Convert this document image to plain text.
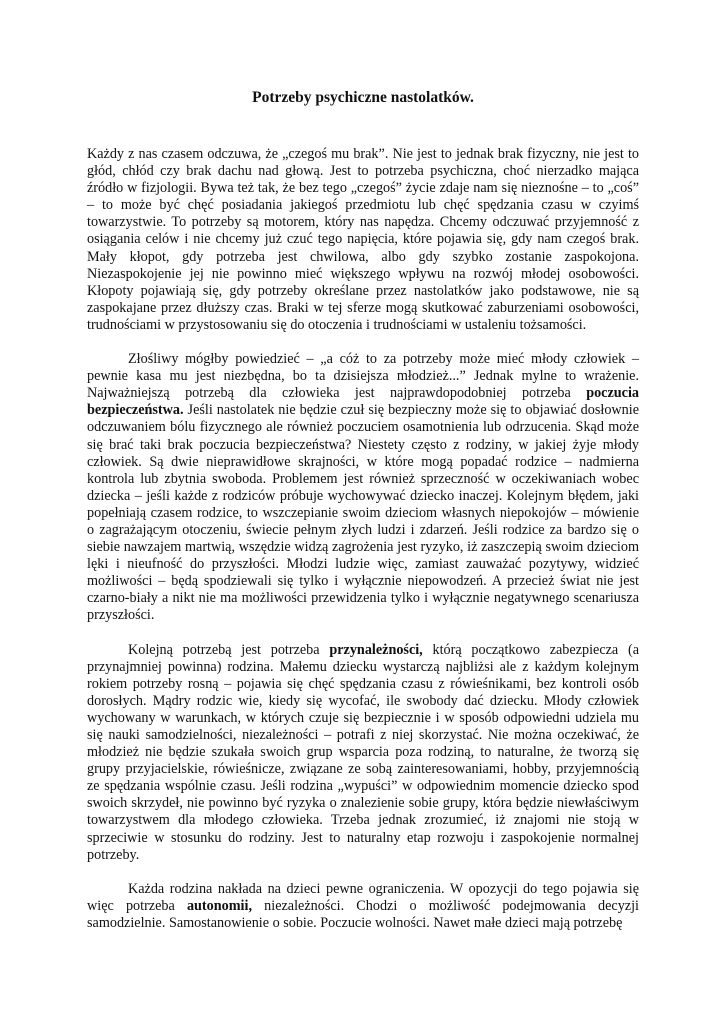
Potrzeby psychiczne nastolatków.

Każdy z nas czasem odczuwa, że „czegoś mu brak”. Nie jest to jednak brak fizyczny, nie jest to głód, chłód czy brak dachu nad głową. Jest to potrzeba psychiczna, choć nierzadko mająca źródło w fizjologii. Bywa też tak, że bez tego „czegoś” życie zdaje nam się nieznośne – to „coś” – to może być chęć posiadania jakiegoś przedmiotu lub chęć spędzania czasu w czyimś towarzystwie. To potrzeby są motorem, który nas napędza. Chcemy odczuwać przyjemność z osiągania celów i nie chcemy już czuć tego napięcia, które pojawia się, gdy nam czegoś brak. Mały kłopot, gdy potrzeba jest chwilowa, albo gdy szybko zostanie zaspokojona. Niezaspokojenie jej nie powinno mieć większego wpływu na rozwój młodej osobowości. Kłopoty pojawiają się, gdy potrzeby określane przez nastolatków jako podstawowe, nie są zaspokajane przez dłuższy czas. Braki w tej sferze mogą skutkować zaburzeniami osobowości, trudnościami w przystosowaniu się do otoczenia i trudnościami w ustaleniu tożsamości.

Złośliwy mógłby powiedzieć – „a cóż to za potrzeby może mieć młody człowiek – pewnie kasa mu jest niezbędna, bo ta dzisiejsza młodzież...” Jednak mylne to wrażenie. Najważniejszą potrzebą dla człowieka jest najprawdopodobniej potrzeba poczucia bezpieczeństwa. Jeśli nastolatek nie będzie czuł się bezpieczny może się to objawiać dosłownie odczuwaniem bólu fizycznego ale również poczuciem osamotnienia lub odrzucenia. Skąd może się brać taki brak poczucia bezpieczeństwa? Niestety często z rodziny, w jakiej żyje młody człowiek. Są dwie nieprawidłowe skrajności, w które mogą popadać rodzice – nadmierna kontrola lub zbytnia swoboda. Problemem jest również sprzeczność w oczekiwaniach wobec dziecka – jeśli każde z rodziców próbuje wychowywać dziecko inaczej. Kolejnym błędem, jaki popełniają czasem rodzice, to wszczepianie swoim dzieciom własnych niepokojów – mówienie o zagrażającym otoczeniu, świecie pełnym złych ludzi i zdarzeń. Jeśli rodzice za bardzo się o siebie nawzajem martwią, wszędzie widzą zagrożenia jest ryzyko, iż zaszczepią swoim dzieciom lęki i nieufność do przyszłości. Młodzi ludzie więc, zamiast zauważać pozytywy, widzieć możliwości – będą spodziewali się tylko i wyłącznie niepowodzeń. A przecież świat nie jest czarno-biały a nikt nie ma możliwości przewidzenia tylko i wyłącznie negatywnego scenariusza przyszłości.

Kolejną potrzebą jest potrzeba przynależności, którą początkowo zabezpiecza (a przynajmniej powinna) rodzina. Małemu dziecku wystarczą najbliżsi ale z każdym kolejnym rokiem potrzeby rosną – pojawia się chęć spędzania czasu z rówieśnikami, bez kontroli osób dorosłych. Mądry rodzic wie, kiedy się wycofać, ile swobody dać dziecku. Młody człowiek wychowany w warunkach, w których czuje się bezpiecznie i w sposób odpowiedni udziela mu się nauki samodzielności, niezależności – potrafi z niej skorzystać. Nie można oczekiwać, że młodzież nie będzie szukała swoich grup wsparcia poza rodziną, to naturalne, że tworzą się grupy przyjacielskie, rówieśnicze, związane ze sobą zainteresowaniami, hobby, przyjemnością ze spędzania wspólnie czasu. Jeśli rodzina „wypuści” w odpowiednim momencie dziecko spod swoich skrzydeł, nie powinno być ryzyka o znalezienie sobie grupy, która będzie niewłaściwym towarzystwem dla młodego człowieka. Trzeba jednak zrozumieć, iż znajomi nie stoją w sprzeciwie w stosunku do rodziny. Jest to naturalny etap rozwoju i zaspokojenie normalnej potrzeby.

Każda rodzina nakłada na dzieci pewne ograniczenia. W opozycji do tego pojawia się więc potrzeba autonomii, niezależności. Chodzi o możliwość podejmowania decyzji samodzielnie. Samostanowienie o sobie. Poczucie wolności. Nawet małe dzieci mają potrzebę
